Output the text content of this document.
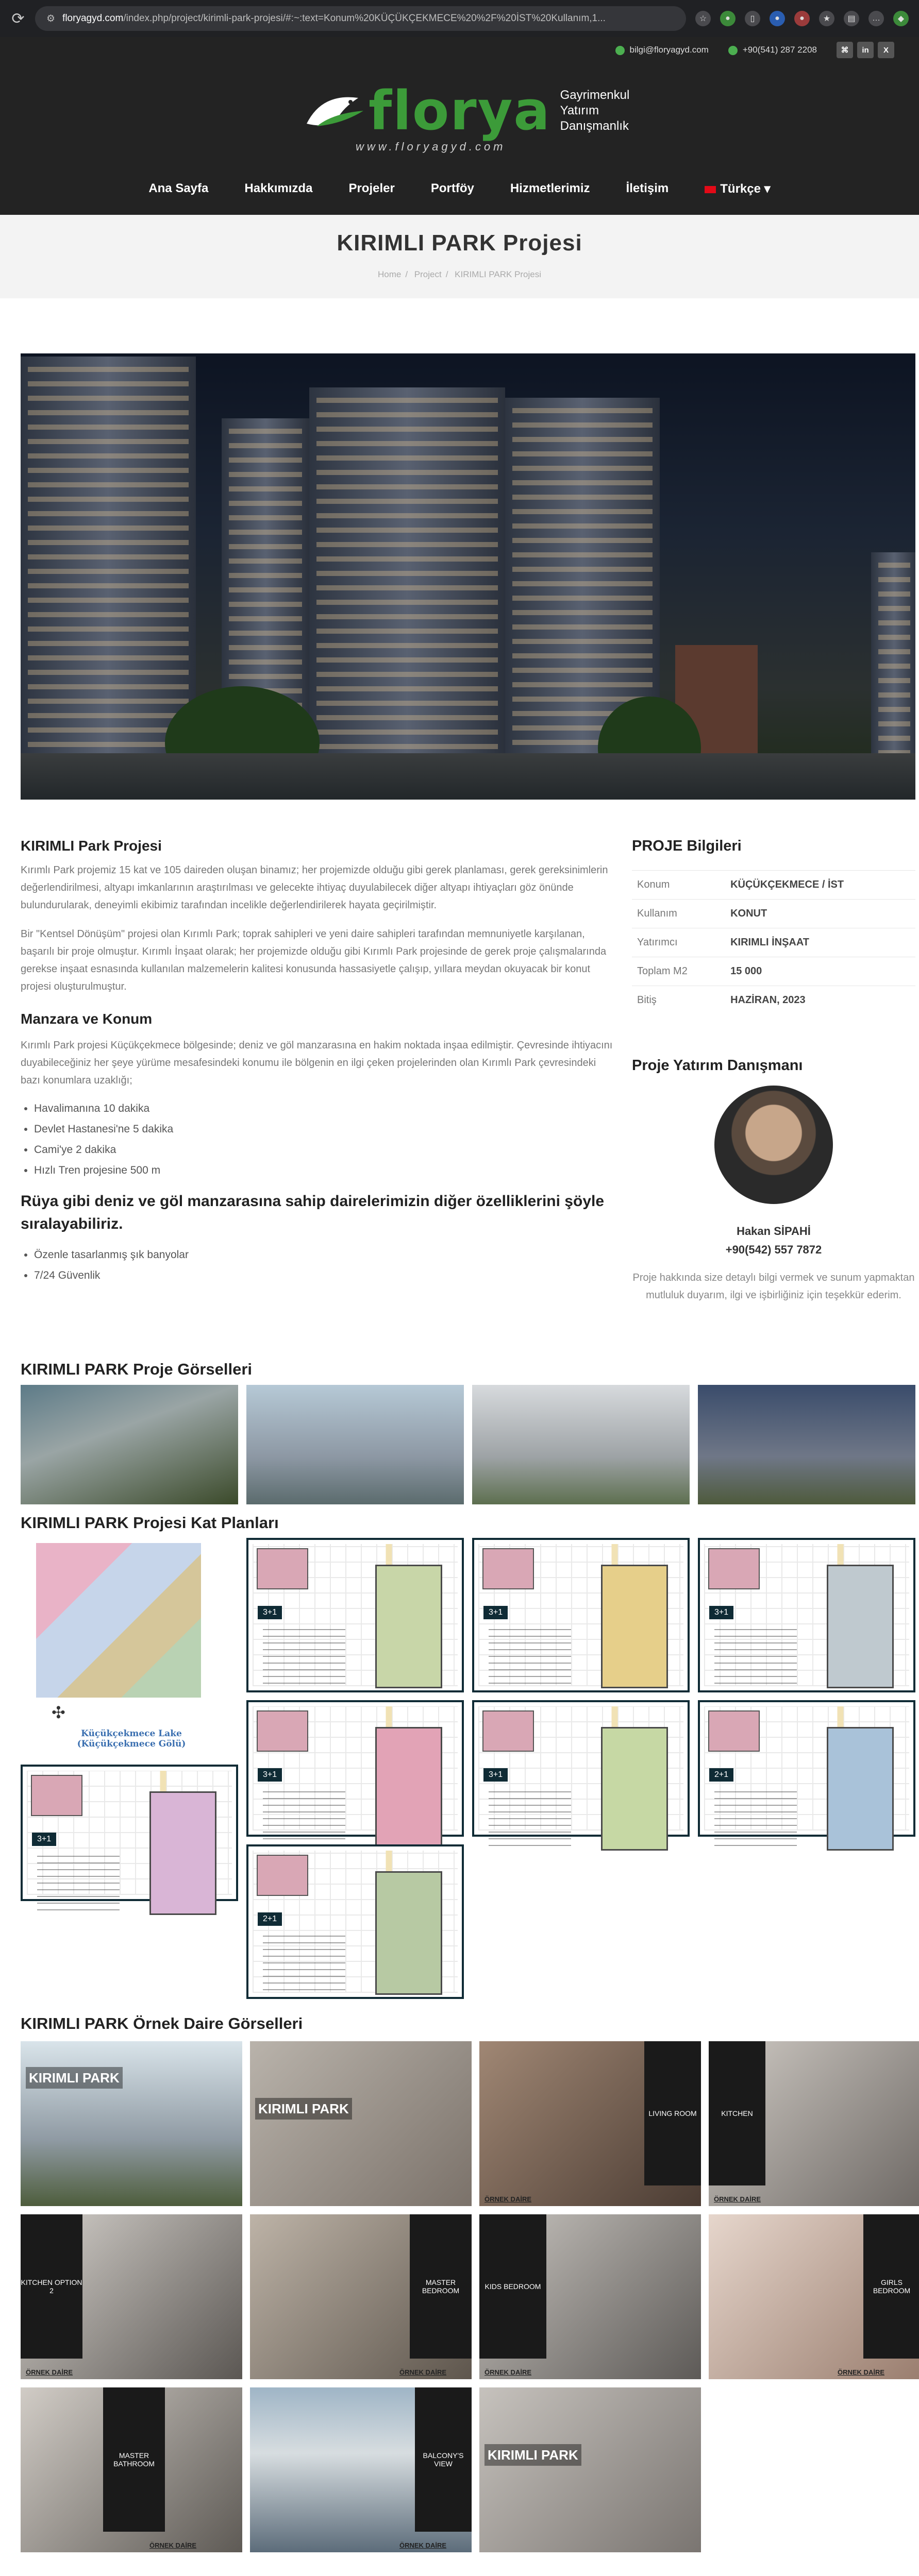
⟳ ⚙ floryagyd.com/index.php/project/kirimli-park-projesi/#:~:text=Konum%20KÜÇÜKÇEKMECE%20%2F%20İST%20Kullanım,1...	☆	●	▯	●	●	★	▤	…	◆
bilgi@floryagyd.com	+90(541) 287 2208	⌘	in	X
florya Gayrimenkul
Yatırım
Danışmanlık
www.floryagyd.com
Ana Sayfa	Hakkımızda	Projeler	Portföy	Hizmetlerimiz	İletişim	Türkçe ▾
KIRIMLI PARK Projesi
Home / Project / KIRIMLI PARK Projesi
KIRIMLI Park Projesi

Kırımlı Park projemiz 15 kat ve 105 daireden oluşan binamız; her projemizde olduğu gibi gerek planlaması, gerek gereksinimlerin değerlendirilmesi, altyapı imkanlarının araştırılması ve gelecekte ihtiyaç duyulabilecek diğer altyapı ihtiyaçları göz önünde bulundurularak, deneyimli ekibimiz tarafından incelikle değerlendirilerek hayata geçirilmiştir.

Bir "Kentsel Dönüşüm" projesi olan Kırımlı Park; toprak sahipleri ve yeni daire sahipleri tarafından memnuniyetle karşılanan, başarılı bir proje olmuştur. Kırımlı İnşaat olarak; her projemizde olduğu gibi Kırımlı Park projesinde de gerek proje çalışmalarında gerekse inşaat esnasında kullanılan malzemelerin kalitesi konusunda hassasiyetle çalışıp, yıllara meydan okuyacak bir konut projesi oluşturulmuştur.

Manzara ve Konum

Kırımlı Park projesi Küçükçekmece bölgesinde; deniz ve göl manzarasına en hakim noktada inşaa edilmiştir. Çevresinde ihtiyacını duyabileceğiniz her şeye yürüme mesafesindeki konumu ile bölgenin en ilgi çeken projelerinden olan Kırımlı Park çevresindeki bazı konumlara uzaklığı;

• Havalimanına 10 dakika
• Devlet Hastanesi'ne 5 dakika
• Cami'ye 2 dakika
• Hızlı Tren projesine 500 m
Rüya gibi deniz ve göl manzarasına sahip dairelerimizin diğer özelliklerini şöyle sıralayabiliriz.
• Özenle tasarlanmış şık banyolar
• 7/24 Güvenlik
PROJE Bilgileri
Konum	KÜÇÜKÇEKMECE / İST
Kullanım	KONUT
Yatırımcı	KIRIMLI İNŞAAT
Toplam M2	15 000
Bitiş	HAZİRAN, 2023
Proje Yatırım Danışmanı
Hakan SİPAHİ
+90(542) 557 7872
Proje hakkında size detaylı bilgi vermek ve sunum yapmaktan mutluluk duyarım, ilgi ve işbirliğiniz için teşekkür ederim.
KIRIMLI PARK Proje Görselleri
KIRIMLI PARK Projesi Kat Planları
✣
Küçükçekmece Lake (Küçükçekmece Gölü)
3+1	3+1	3+1
3+1	3+1	2+1
3+1
2+1
KIRIMLI PARK Örnek Daire Görselleri
KIRIMLI PARK
KIRIMLI PARK	LIVING ROOM
ÖRNEK DAİRE
KITCHEN
ÖRNEK DAİRE
KITCHEN OPTION 2
ÖRNEK DAİRE
MASTER BEDROOM
ÖRNEK DAİRE
KIDS BEDROOM
ÖRNEK DAİRE
GIRLS BEDROOM
ÖRNEK DAİRE
MASTER BATHROOM
ÖRNEK DAİRE
BALCONY'S VIEW
ÖRNEK DAİRE
KIRIMLI PARK
